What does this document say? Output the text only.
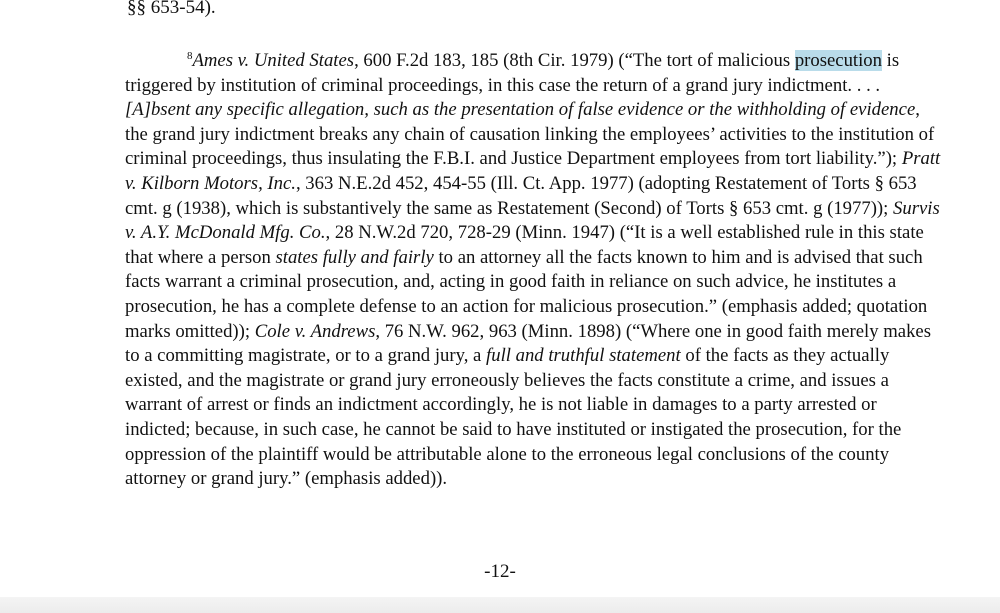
§§ 653-54).

$^8$Ames v. United States, 600 F.2d 183, 185 (8th Cir. 1979) (“The tort of malicious prosecution is triggered by institution of criminal proceedings, in this case the return of a grand jury indictment. . . . [A]bsent any specific allegation, such as the presentation of false evidence or the withholding of evidence, the grand jury indictment breaks any chain of causation linking the employees’ activities to the institution of criminal proceedings, thus insulating the F.B.I. and Justice Department employees from tort liability.”); Pratt v. Kilborn Motors, Inc., 363 N.E.2d 452, 454-55 (Ill. Ct. App. 1977) (adopting Restatement of Torts § 653 cmt. g (1938), which is substantively the same as Restatement (Second) of Torts § 653 cmt. g (1977)); Survis v. A.Y. McDonald Mfg. Co., 28 N.W.2d 720, 728-29 (Minn. 1947) (“It is a well established rule in this state that where a person states fully and fairly to an attorney all the facts known to him and is advised that such facts warrant a criminal prosecution, and, acting in good faith in reliance on such advice, he institutes a prosecution, he has a complete defense to an action for malicious prosecution.” (emphasis added; quotation marks omitted)); Cole v. Andrews, 76 N.W. 962, 963 (Minn. 1898) (“Where one in good faith merely makes to a committing magistrate, or to a grand jury, a full and truthful statement of the facts as they actually existed, and the magistrate or grand jury erroneously believes the facts constitute a crime, and issues a warrant of arrest or finds an indictment accordingly, he is not liable in damages to a party arrested or indicted; because, in such case, he cannot be said to have instituted or instigated the prosecution, for the oppression of the plaintiff would be attributable alone to the erroneous legal conclusions of the county attorney or grand jury.” (emphasis added)).

-12-
